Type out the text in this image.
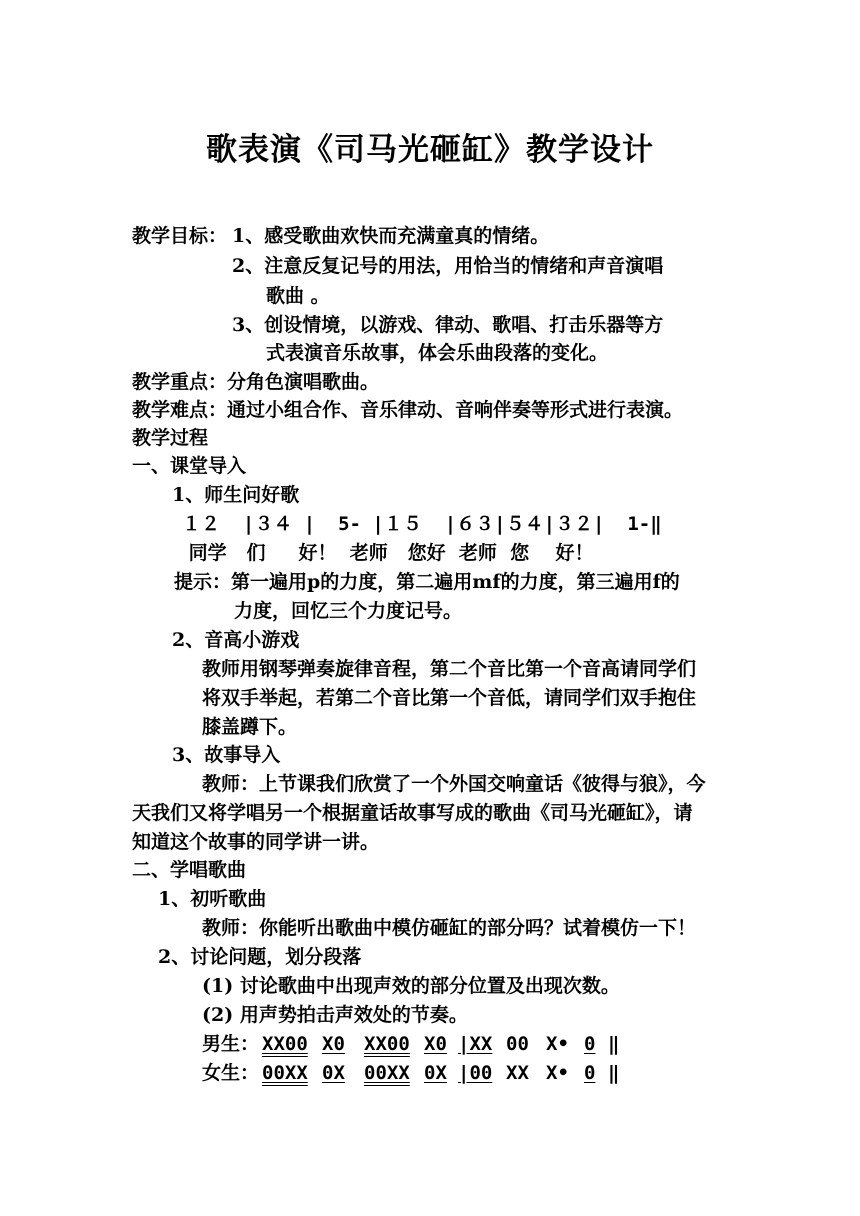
歌表演《司马光砸缸》教学设计
教学目标： 1、感受歌曲欢快而充满童真的情绪。
2、注意反复记号的用法，用恰当的情绪和声音演唱
歌曲 。
3、创设情境，以游戏、律动、歌唱、打击乐器等方
式表演音乐故事，体会乐曲段落的变化。
教学重点：分角色演唱歌曲。
教学难点：通过小组合作、音乐律动、音响伴奏等形式进行表演。
教学过程
一、课堂导入
1、师生问好歌
１２  |３４ |  5- |１５  |６３|５４|３２|  1-‖
同学   们     好！  老师   您好  老师  您    好！
提示：第一遍用p的力度，第二遍用mf的力度，第三遍用f的
力度，回忆三个力度记号。
2、音高小游戏
教师用钢琴弹奏旋律音程，第二个音比第一个音高请同学们
将双手举起，若第二个音比第一个音低，请同学们双手抱住
膝盖蹲下。
3、故事导入
教师：上节课我们欣赏了一个外国交响童话《彼得与狼》，今
天我们又将学唱另一个根据童话故事写成的歌曲《司马光砸缸》，请
知道这个故事的同学讲一讲。
二、学唱歌曲
1、初听歌曲
教师：你能听出歌曲中模仿砸缸的部分吗？试着模仿一下！
2、讨论问题，划分段落
(1) 讨论歌曲中出现声效的部分位置及出现次数。
(2) 用声势拍击声效处的节奏。
男生： XX00 X0 XX00 X0 |XX 00 X• 0 ‖
女生： 00XX 0X 00XX 0X |00 XX X• 0 ‖
